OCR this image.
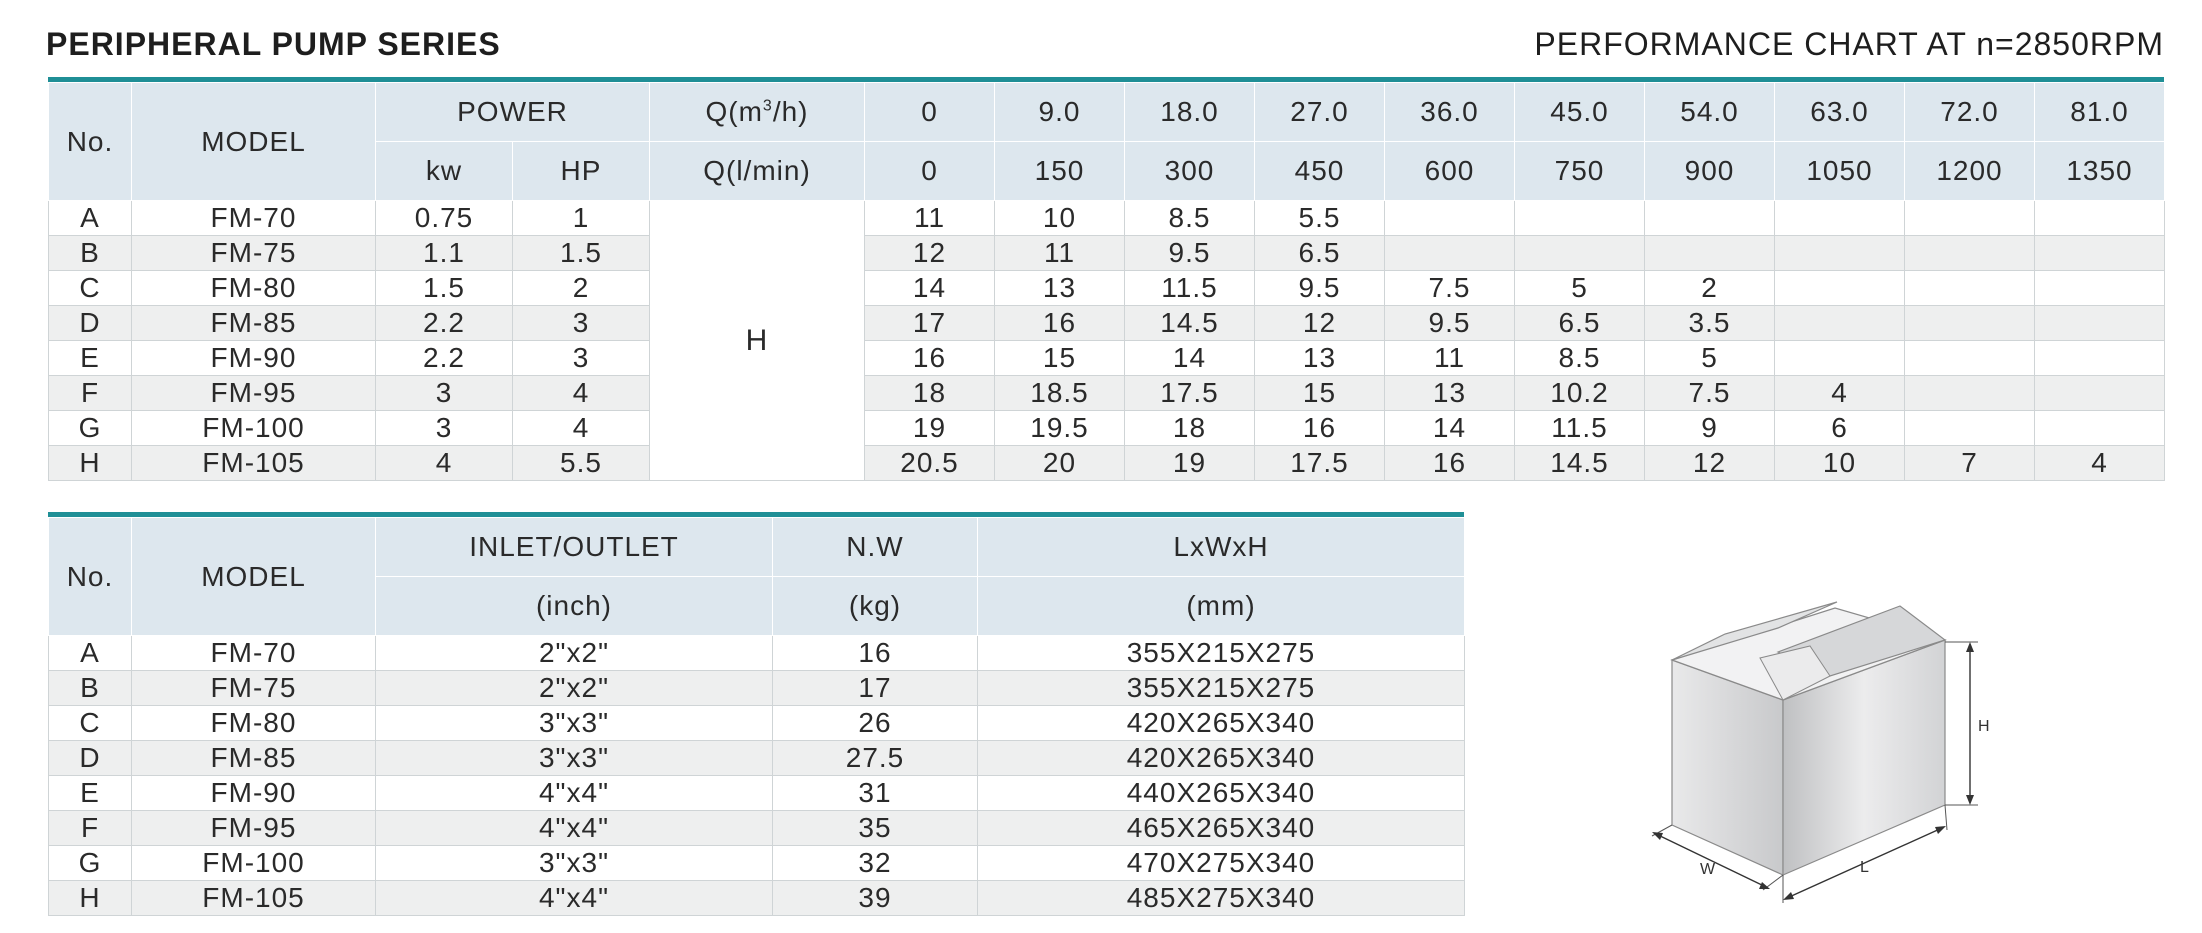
PERIPHERAL PUMP SERIES	PERFORMANCE CHART AT n=2850RPM
No.	MODEL	POWER		$Q(m^3/h)$	0	9.0	18.0	27.0	36.0	45.0	54.0	63.0	72.0	81.0
		kw	HP	Q(l/min)	0	150	300	450	600	750	900	1050	1200	1350
A	FM-70	0.75	1	H	11	10	8.5	5.5						
B	FM-75	1.1	1.5		12	11	9.5	6.5						
C	FM-80	1.5	2		14	13	11.5	9.5	7.5	5	2			
D	FM-85	2.2	3		17	16	14.5	12	9.5	6.5	3.5			
E	FM-90	2.2	3		16	15	14	13	11	8.5	5			
F	FM-95	3	4		18	18.5	17.5	15	13	10.2	7.5	4		
G	FM-100	3	4		19	19.5	18	16	14	11.5	9	6		
H	FM-105	4	5.5		20.5	20	19	17.5	16	14.5	12	10	7	4
No.	MODEL	INLET/OUTLET	N.W	LxWxH
		(inch)	(kg)	(mm)
A	FM-70	2"x2"	16	355X215X275
B	FM-75	2"x2"	17	355X215X275
C	FM-80	3"x3"	26	420X265X340
D	FM-85	3"x3"	27.5	420X265X340
E	FM-90	4"x4"	31	440X265X340
F	FM-95	4"x4"	35	465X265X340
G	FM-100	3"x3"	32	470X275X340
H	FM-105	4"x4"	39	485X275X340
H
W	L
